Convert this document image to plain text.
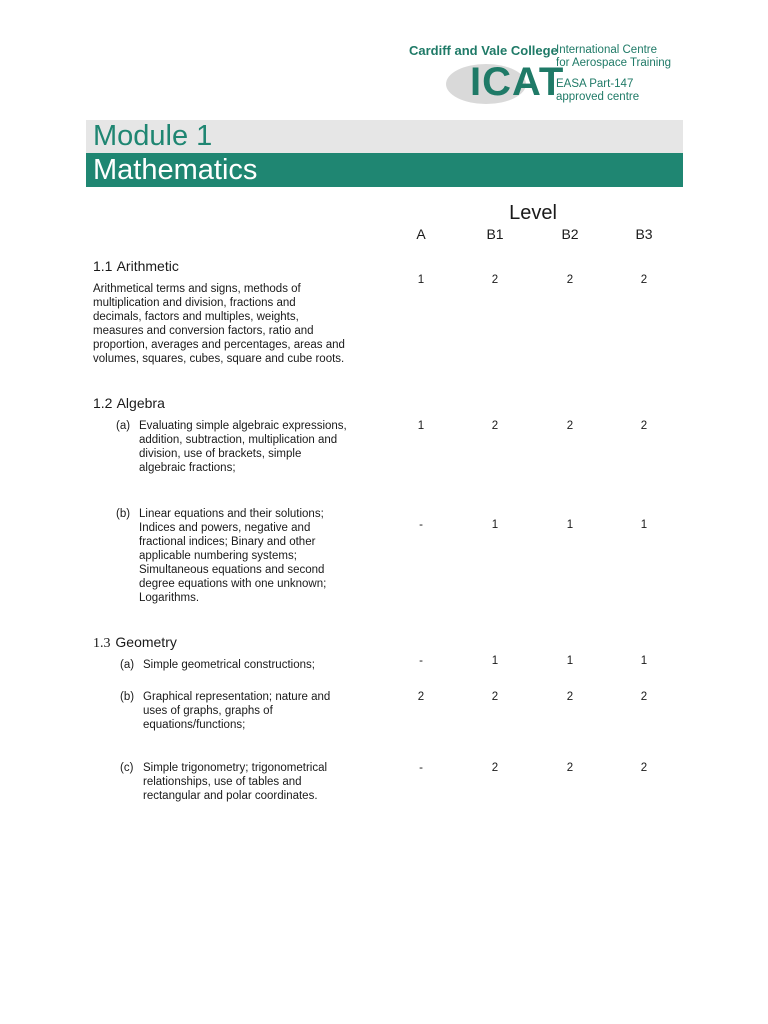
Cardiff and Vale College
ICAT
International Centre
for Aerospace Training
EASA Part-147
approved centre
Module 1
Mathematics
Level
A	B1	B2	B3
1.1 Arithmetic
Arithmetical terms and signs, methods of
multiplication and division, fractions and
decimals, factors and multiples, weights,
measures and conversion factors, ratio and
proportion, averages and percentages, areas and
volumes, squares, cubes, square and cube roots.
1	2	2	2
1.2 Algebra
(a) Evaluating simple algebraic expressions,
addition, subtraction, multiplication and
division, use of brackets, simple
algebraic fractions;
1	2	2	2
(b) Linear equations and their solutions;
Indices and powers, negative and
fractional indices; Binary and other
applicable numbering systems;
Simultaneous equations and second
degree equations with one unknown;
Logarithms.
-	1	1	1
1.3 Geometry
(a) Simple geometrical constructions;	-	1	1	1
(b) Graphical representation; nature and
uses of graphs, graphs of
equations/functions;
2	2	2	2
(c) Simple trigonometry; trigonometrical
relationships, use of tables and
rectangular and polar coordinates.
-	2	2	2
